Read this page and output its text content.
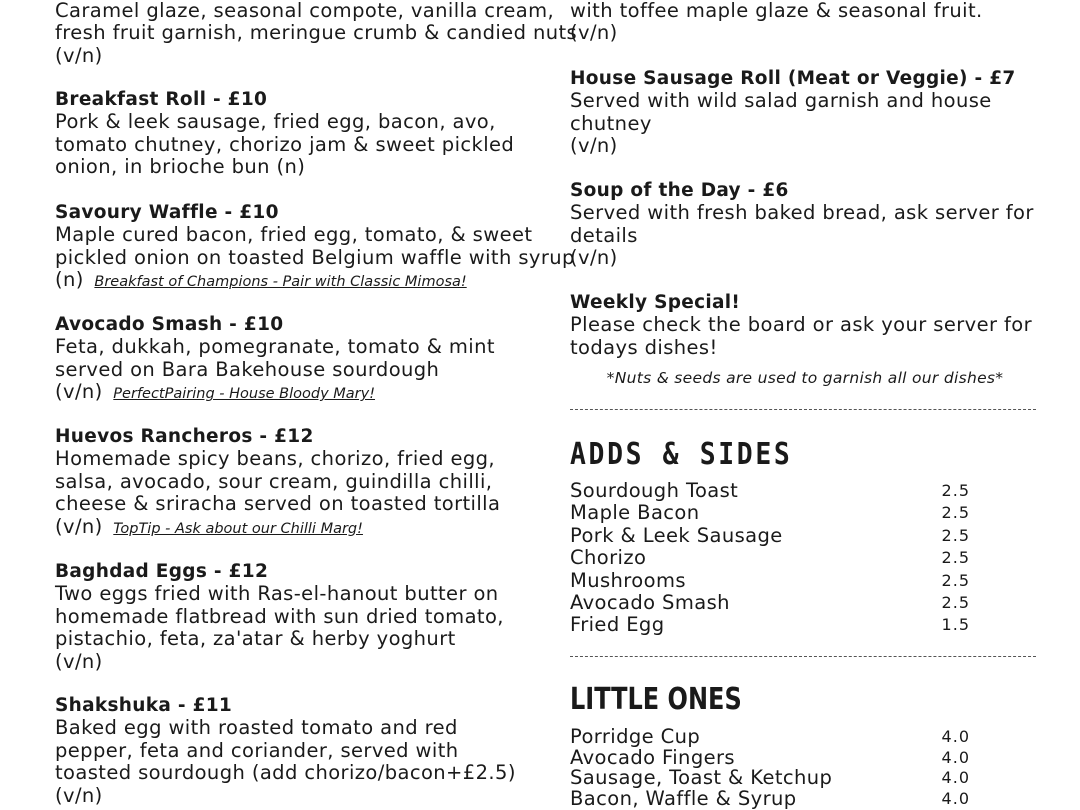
Caramel glaze, seasonal compote, vanilla cream,
fresh fruit garnish, meringue crumb & candied nuts
(v/n)
Breakfast Roll - £10
Pork & leek sausage, fried egg, bacon, avo,
tomato chutney, chorizo jam & sweet pickled
onion, in brioche bun (n)
Savoury Waffle - £10
Maple cured bacon, fried egg, tomato, & sweet
pickled onion on toasted Belgium waffle with syrup
(n) Breakfast of Champions - Pair with Classic Mimosa!
Avocado Smash - £10
Feta, dukkah, pomegranate, tomato & mint
served on Bara Bakehouse sourdough
(v/n) PerfectPairing - House Bloody Mary!
Huevos Rancheros - £12
Homemade spicy beans, chorizo, fried egg,
salsa, avocado, sour cream, guindilla chilli,
cheese & sriracha served on toasted tortilla
(v/n) TopTip - Ask about our Chilli Marg!
Baghdad Eggs - £12
Two eggs fried with Ras-el-hanout butter on
homemade flatbread with sun dried tomato,
pistachio, feta, za'atar & herby yoghurt
(v/n)
Shakshuka - £11
Baked egg with roasted tomato and red
pepper, feta and coriander, served with
toasted sourdough (add chorizo/bacon+£2.5)
(v/n)
with toffee maple glaze & seasonal fruit.
(v/n)
House Sausage Roll (Meat or Veggie) - £7
Served with wild salad garnish and house
chutney
(v/n)
Soup of the Day - £6
Served with fresh baked bread, ask server for
details
(v/n)
Weekly Special!
Please check the board or ask your server for
todays dishes!
*Nuts & seeds are used to garnish all our dishes*
ADDS & SIDES
Sourdough Toast	2.5
Maple Bacon	2.5
Pork & Leek Sausage	2.5
Chorizo	2.5
Mushrooms	2.5
Avocado Smash	2.5
Fried Egg	1.5
LITTLE ONES
Porridge Cup	4.0
Avocado Fingers	4.0
Sausage, Toast & Ketchup	4.0
Bacon, Waffle & Syrup	4.0
